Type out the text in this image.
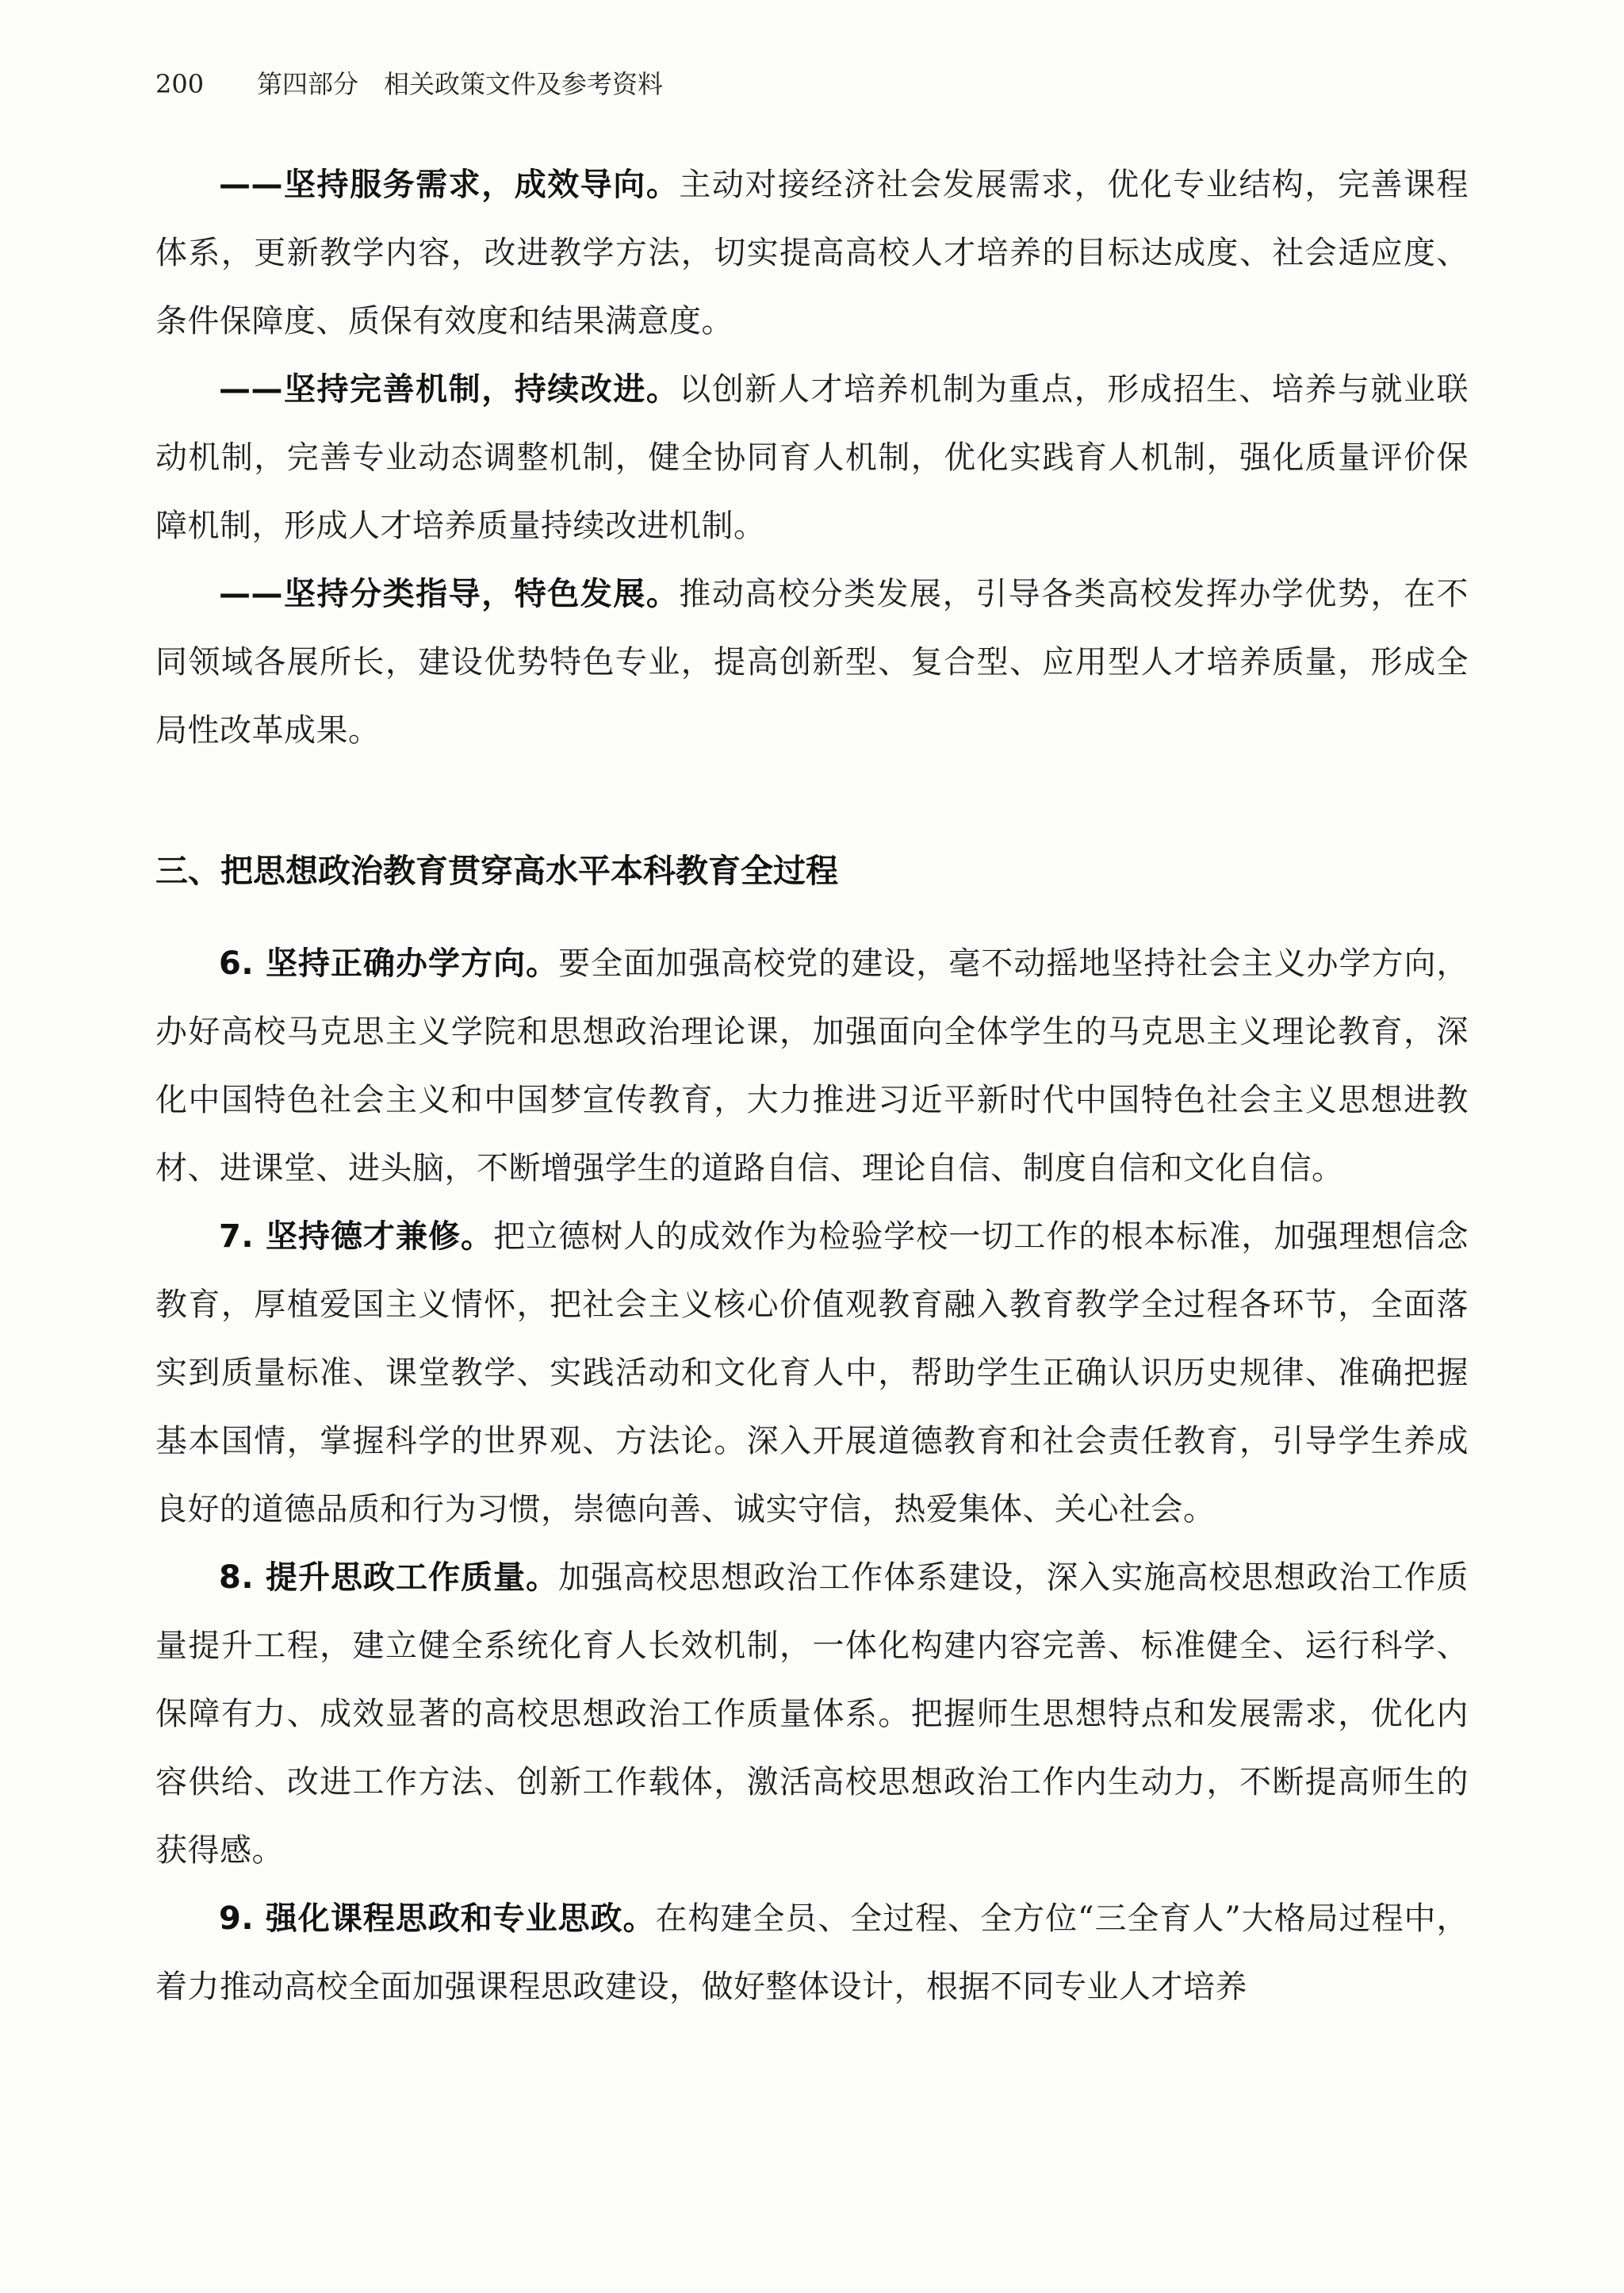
200 第四部分　相关政策文件及参考资料

——坚持服务需求，成效导向。主动对接经济社会发展需求，优化专业结构，完善课程体系，更新教学内容，改进教学方法，切实提高高校人才培养的目标达成度、社会适应度、条件保障度、质保有效度和结果满意度。

——坚持完善机制，持续改进。以创新人才培养机制为重点，形成招生、培养与就业联动机制，完善专业动态调整机制，健全协同育人机制，优化实践育人机制，强化质量评价保障机制，形成人才培养质量持续改进机制。

——坚持分类指导，特色发展。推动高校分类发展，引导各类高校发挥办学优势，在不同领域各展所长，建设优势特色专业，提高创新型、复合型、应用型人才培养质量，形成全局性改革成果。

三、把思想政治教育贯穿高水平本科教育全过程

6. 坚持正确办学方向。要全面加强高校党的建设，毫不动摇地坚持社会主义办学方向，办好高校马克思主义学院和思想政治理论课，加强面向全体学生的马克思主义理论教育，深化中国特色社会主义和中国梦宣传教育，大力推进习近平新时代中国特色社会主义思想进教材、进课堂、进头脑，不断增强学生的道路自信、理论自信、制度自信和文化自信。

7. 坚持德才兼修。把立德树人的成效作为检验学校一切工作的根本标准，加强理想信念教育，厚植爱国主义情怀，把社会主义核心价值观教育融入教育教学全过程各环节，全面落实到质量标准、课堂教学、实践活动和文化育人中，帮助学生正确认识历史规律、准确把握基本国情，掌握科学的世界观、方法论。深入开展道德教育和社会责任教育，引导学生养成良好的道德品质和行为习惯，崇德向善、诚实守信，热爱集体、关心社会。

8. 提升思政工作质量。加强高校思想政治工作体系建设，深入实施高校思想政治工作质量提升工程，建立健全系统化育人长效机制，一体化构建内容完善、标准健全、运行科学、保障有力、成效显著的高校思想政治工作质量体系。把握师生思想特点和发展需求，优化内容供给、改进工作方法、创新工作载体，激活高校思想政治工作内生动力，不断提高师生的获得感。

9. 强化课程思政和专业思政。在构建全员、全过程、全方位“三全育人”大格局过程中，着力推动高校全面加强课程思政建设，做好整体设计，根据不同专业人才培养
